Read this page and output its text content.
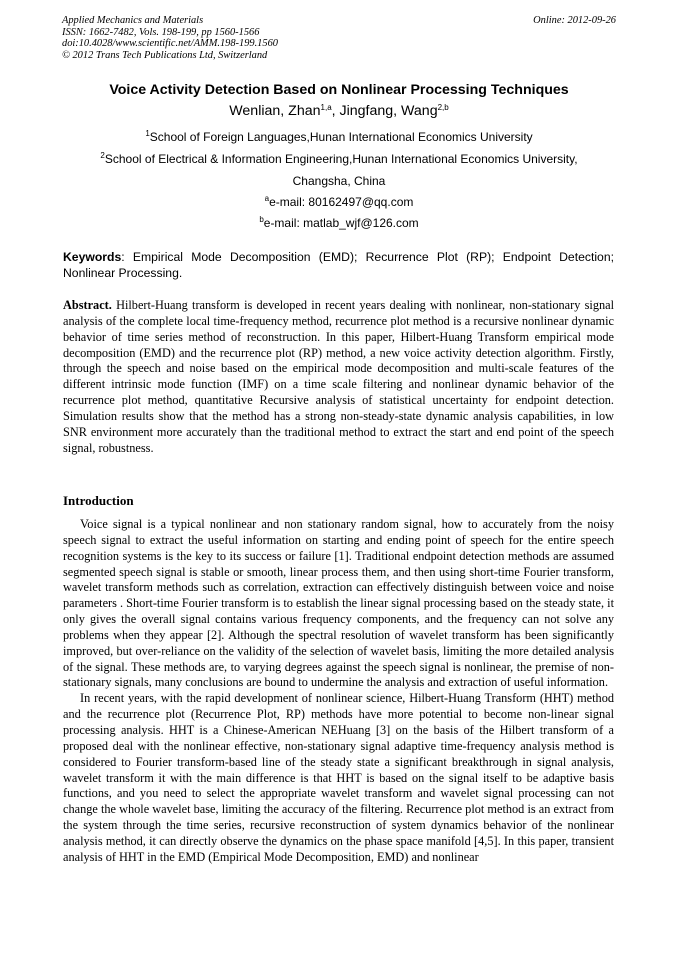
Applied Mechanics and Materials
ISSN: 1662-7482, Vols. 198-199, pp 1560-1566
doi:10.4028/www.scientific.net/AMM.198-199.1560
© 2012 Trans Tech Publications Ltd, Switzerland
Online: 2012-09-26
Voice Activity Detection Based on Nonlinear Processing Techniques
Wenlian, Zhan$^{1,a}$, Jingfang, Wang$^{2,b}$
$^1$School of Foreign Languages,Hunan International Economics University
$^2$School of Electrical & Information Engineering,Hunan International Economics University,
Changsha, China
$^a$e-mail: 80162497@qq.com
$^b$e-mail: matlab_wjf@126.com
Keywords: Empirical Mode Decomposition (EMD); Recurrence Plot (RP); Endpoint Detection; Nonlinear Processing.
Abstract. Hilbert-Huang transform is developed in recent years dealing with nonlinear, non-stationary signal analysis of the complete local time-frequency method, recurrence plot method is a recursive nonlinear dynamic behavior of time series method of reconstruction. In this paper, Hilbert-Huang Transform empirical mode decomposition (EMD) and the recurrence plot (RP) method, a new voice activity detection algorithm. Firstly, through the speech and noise based on the empirical mode decomposition and multi-scale features of the different intrinsic mode function (IMF) on a time scale filtering and nonlinear dynamic behavior of the recurrence plot method, quantitative Recursive analysis of statistical uncertainty for endpoint detection. Simulation results show that the method has a strong non-steady-state dynamic analysis capabilities, in low SNR environment more accurately than the traditional method to extract the start and end point of the speech signal, robustness.
Introduction

Voice signal is a typical nonlinear and non stationary random signal, how to accurately from the noisy speech signal to extract the useful information on starting and ending point of speech for the entire speech recognition systems is the key to its success or failure [1]. Traditional endpoint detection methods are assumed segmented speech signal is stable or smooth, linear process them, and then using short-time Fourier transform, wavelet transform methods such as correlation, extraction can effectively distinguish between voice and noise parameters . Short-time Fourier transform is to establish the linear signal processing based on the steady state, it only gives the overall signal contains various frequency components, and the frequency can not solve any problems when they appear [2]. Although the spectral resolution of wavelet transform has been significantly improved, but over-reliance on the validity of the selection of wavelet basis, limiting the more detailed analysis of the signal. These methods are, to varying degrees against the speech signal is nonlinear, the premise of non-stationary signals, many conclusions are bound to undermine the analysis and extraction of useful information.

In recent years, with the rapid development of nonlinear science, Hilbert-Huang Transform (HHT) method and the recurrence plot (Recurrence Plot, RP) methods have more potential to become non-linear signal processing analysis. HHT is a Chinese-American NEHuang [3] on the basis of the Hilbert transform of a proposed deal with the nonlinear effective, non-stationary signal adaptive time-frequency analysis method is considered to Fourier transform-based line of the steady state a significant breakthrough in signal analysis, wavelet transform it with the main difference is that HHT is based on the signal itself to be adaptive basis functions, and you need to select the appropriate wavelet transform and wavelet signal processing can not change the whole wavelet base, limiting the accuracy of the filtering. Recurrence plot method is an extract from the system through the time series, recursive reconstruction of system dynamics behavior of the nonlinear analysis method, it can directly observe the dynamics on the phase space manifold [4,5]. In this paper, transient analysis of HHT in the EMD (Empirical Mode Decomposition, EMD) and nonlinear
